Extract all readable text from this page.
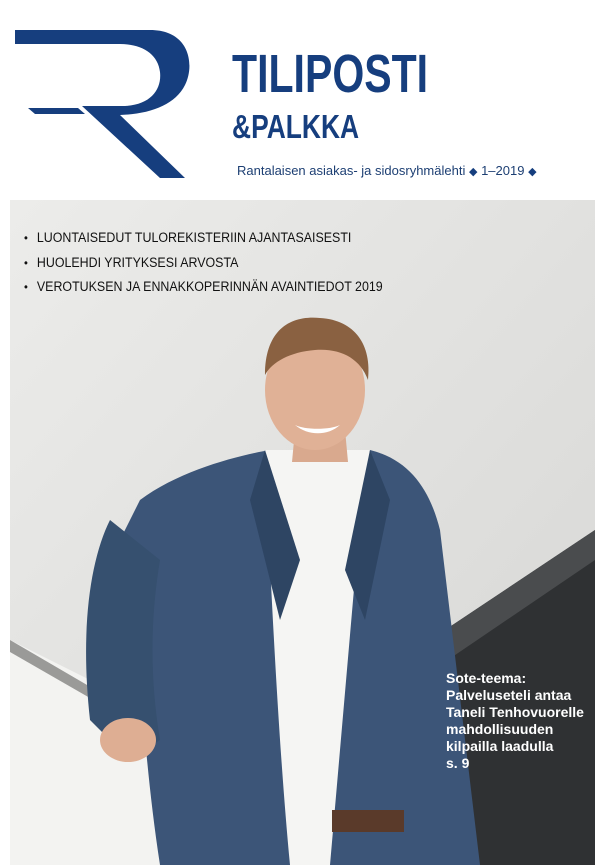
TILIPOSTI
&PALKKA

Rantalaisen asiakas- ja sidosryhmälehti ◆ 1–2019 ◆

• LUONTAISEDUT TULOREKISTERIIN AJANTASAISESTI
• HUOLEHDI YRITYKSESI ARVOSTA
• VEROTUKSEN JA ENNAKKOPERINNÄN AVAINTIEDOT 2019
Sote-teema:
Palveluseteli antaa
Taneli Tenhovuorelle
mahdollisuuden
kilpailla laadulla
s. 9
